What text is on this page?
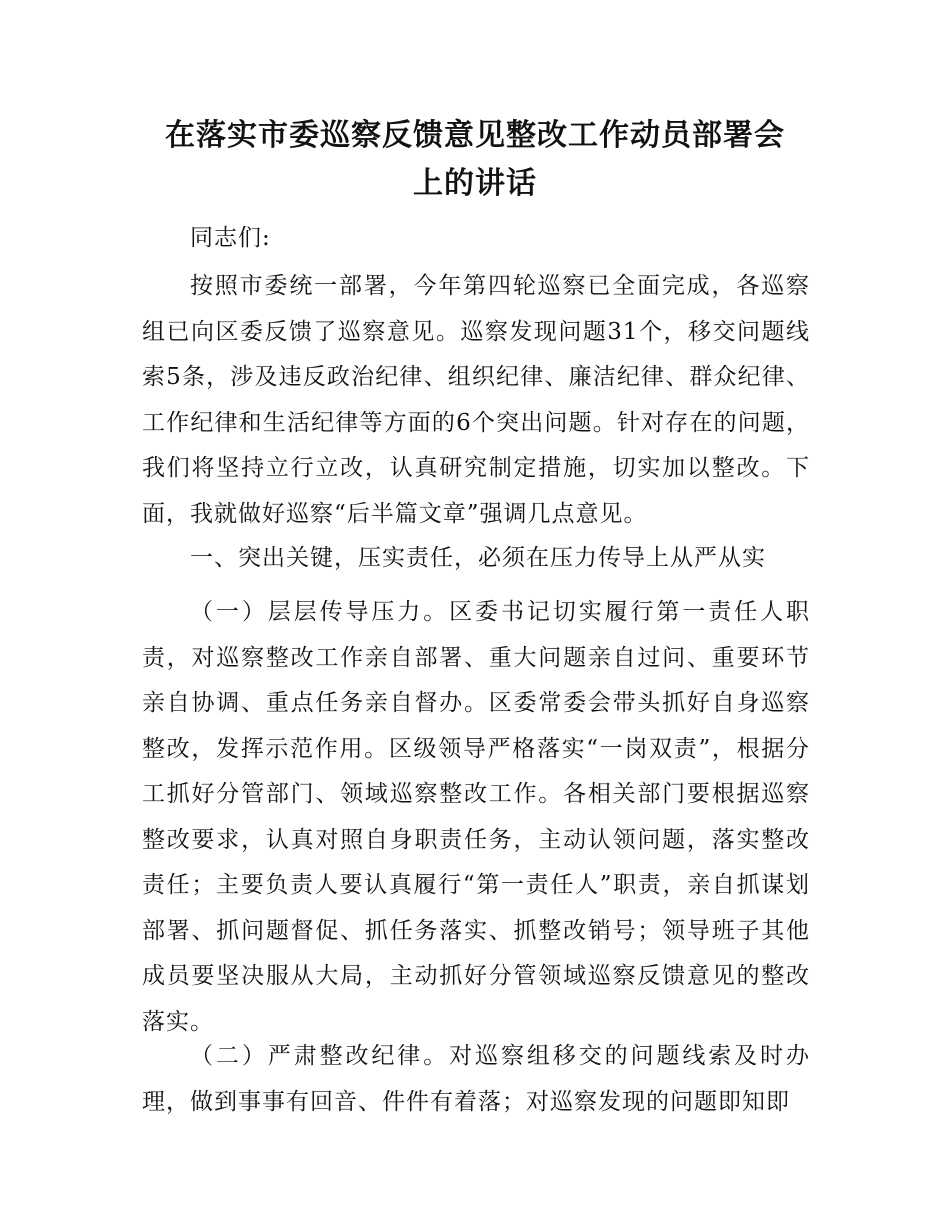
在落实市委巡察反馈意见整改工作动员部署会
上的讲话

同志们:

按照市委统一部署，今年第四轮巡察已全面完成，各巡察组已向区委反馈了巡察意见。巡察发现问题31个，移交问题线索5条，涉及违反政治纪律、组织纪律、廉洁纪律、群众纪律、工作纪律和生活纪律等方面的6个突出问题。针对存在的问题，我们将坚持立行立改，认真研究制定措施，切实加以整改。下面，我就做好巡察“后半篇文章”强调几点意见。

一、突出关键，压实责任，必须在压力传导上从严从实

（一）层层传导压力。区委书记切实履行第一责任人职责，对巡察整改工作亲自部署、重大问题亲自过问、重要环节亲自协调、重点任务亲自督办。区委常委会带头抓好自身巡察整改，发挥示范作用。区级领导严格落实“一岗双责”，根据分工抓好分管部门、领域巡察整改工作。各相关部门要根据巡察整改要求，认真对照自身职责任务，主动认领问题，落实整改责任；主要负责人要认真履行“第一责任人”职责，亲自抓谋划部署、抓问题督促、抓任务落实、抓整改销号；领导班子其他成员要坚决服从大局，主动抓好分管领域巡察反馈意见的整改落实。

（二）严肃整改纪律。对巡察组移交的问题线索及时办理，做到事事有回音、件件有着落；对巡察发现的问题即知即
